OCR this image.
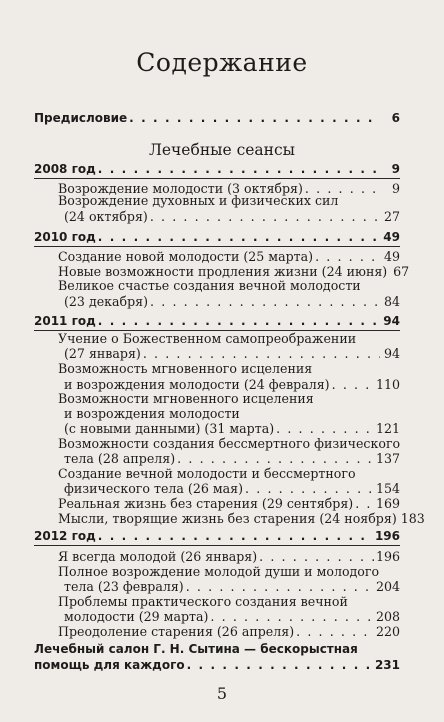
Содержание
Предисловие . . .	6
Лечебные сеансы
2008 год . . .	9
Возрождение молодости (3 октября) . . .	9
Возрождение духовных и физических сил
(24 октября) . . .	27
2010 год . . .	49
Создание новой молодости (25 марта) . . .	49
Новые возможности продления жизни (24 июня) 67
Великое счастье создания вечной молодости
(23 декабря) . . .	84
2011 год . . .	94
Учение о Божественном самопреображении
(27 января) . . .	94
Возможность мгновенного исцеления
и возрождения молодости (24 февраля) . . .	110
Возможности мгновенного исцеления
и возрождения молодости
(с новыми данными) (31 марта) . . .	121
Возможности создания бессмертного физического
тела (28 апреля) . . .	137
Создание вечной молодости и бессмертного
физического тела (26 мая) . . .	154
Реальная жизнь без старения (29 сентября) . . . 169
Мысли, творящие жизнь без старения (24 ноября) 183
2012 год . . .	196
Я всегда молодой (26 января) . . .	196
Полное возрождение молодой души и молодого
тела (23 февраля) . . .	204
Проблемы практического создания вечной
молодости (29 марта) . . .	208
Преодоление старения (26 апреля) . . .	220
Лечебный салон Г. Н. Сытина — бескорыстная
помощь для каждого . . .	231
5
